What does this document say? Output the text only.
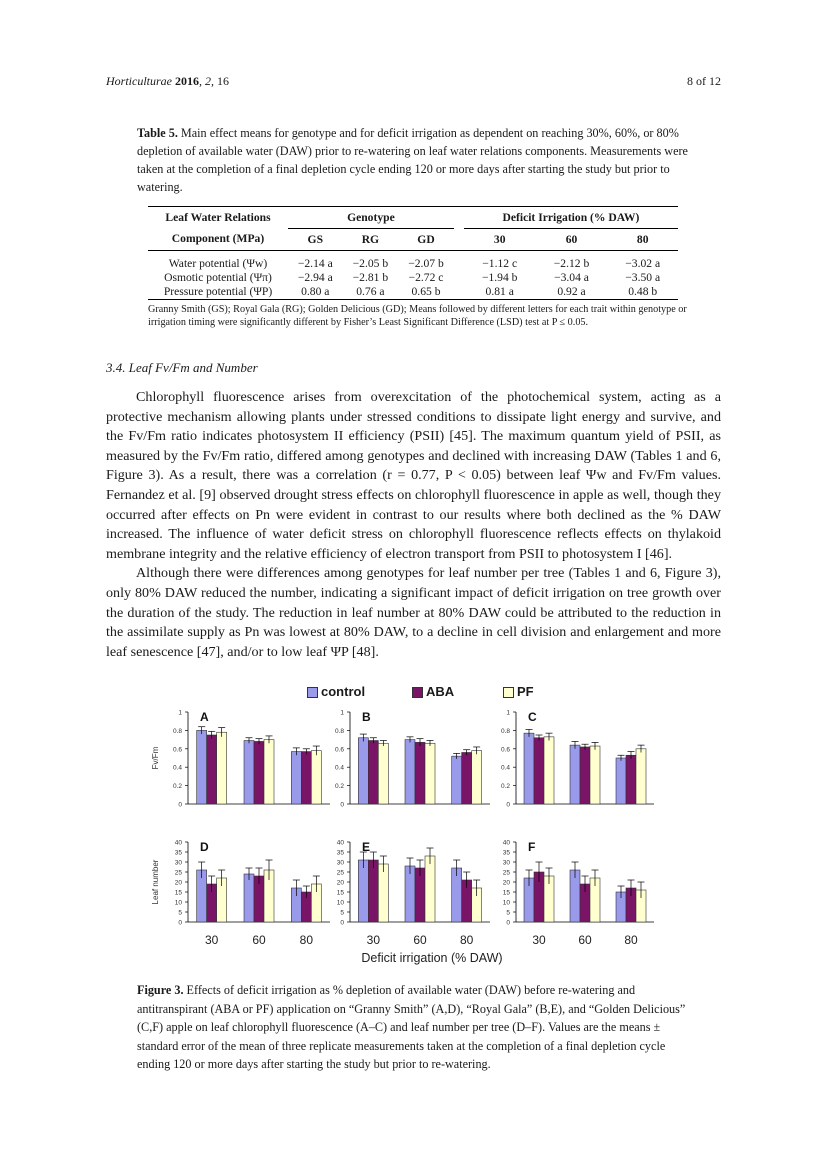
Horticulturae 2016, 2, 16	8 of 12
Table 5. Main effect means for genotype and for deficit irrigation as dependent on reaching 30%, 60%, or 80% depletion of available water (DAW) prior to re-watering on leaf water relations components. Measurements were taken at the completion of a final depletion cycle ending 120 or more days after starting the study but prior to watering.
Leaf Water Relations	Genotype				Deficit Irrigation (% DAW)		
Component (MPa)	GS	RG	GD		30	60	80

Water potential (Ψw)	−2.14 a	−2.05 b	−2.07 b		−1.12 c	−2.12 b	−3.02 a
Osmotic potential (Ψπ)	−2.94 a	−2.81 b	−2.72 c		−1.94 b	−3.04 a	−3.50 a
Pressure potential (ΨP)	0.80 a	0.76 a	0.65 b		0.81 a	0.92 a	0.48 b
Granny Smith (GS); Royal Gala (RG); Golden Delicious (GD); Means followed by different letters for each trait within genotype or irrigation timing were significantly different by Fisher’s Least Significant Difference (LSD) test at P ≤ 0.05.
3.4. Leaf Fv/Fm and Number

Chlorophyll fluorescence arises from overexcitation of the photochemical system, acting as a protective mechanism allowing plants under stressed conditions to dissipate light energy and survive, and the Fv/Fm ratio indicates photosystem II efficiency (PSII) [45]. The maximum quantum yield of PSII, as measured by the Fv/Fm ratio, differed among genotypes and declined with increasing DAW (Tables 1 and 6, Figure 3). As a result, there was a correlation (r = 0.77, P < 0.05) between leaf Ψw and Fv/Fm values. Fernandez et al. [9] observed drought stress effects on chlorophyll fluorescence in apple as well, though they occurred after effects on Pn were evident in contrast to our results where both declined as the % DAW increased. The influence of water deficit stress on chlorophyll fluorescence reflects effects on thylakoid membrane integrity and the relative efficiency of electron transport from PSII to photosystem I [46].

Although there were differences among genotypes for leaf number per tree (Tables 1 and 6, Figure 3), only 80% DAW reduced the number, indicating a significant impact of deficit irrigation on tree growth over the duration of the study. The reduction in leaf number at 80% DAW could be attributed to the reduction in the assimilate supply as Pn was lowest at 80% DAW, to a decline in cell division and enlargement and more leaf senescence [47], and/or to low leaf ΨP [48].

control	ABA	PF
0
0.2
0.4
0.6
0.8
1 A
Fv/Fm
0
0.2
0.4
0.6
0.8
1 B
0
0.2
0.4
0.6
0.8
1 C
0
5
10
15
20
25
30
35
40 D
Leaf number
30	60	80
0
5
10
15
20
25
30
35
40 E
30	60	80
0
5
10
15
20
25
30
35
40 F
30	60	80
Deficit irrigation (% DAW)
Figure 3. Effects of deficit irrigation as % depletion of available water (DAW) before re-watering and antitranspirant (ABA or PF) application on “Granny Smith” (A,D), “Royal Gala” (B,E), and “Golden Delicious” (C,F) apple on leaf chlorophyll fluorescence (A–C) and leaf number per tree (D–F). Values are the means ± standard error of the mean of three replicate measurements taken at the completion of a final depletion cycle ending 120 or more days after starting the study but prior to re-watering.
